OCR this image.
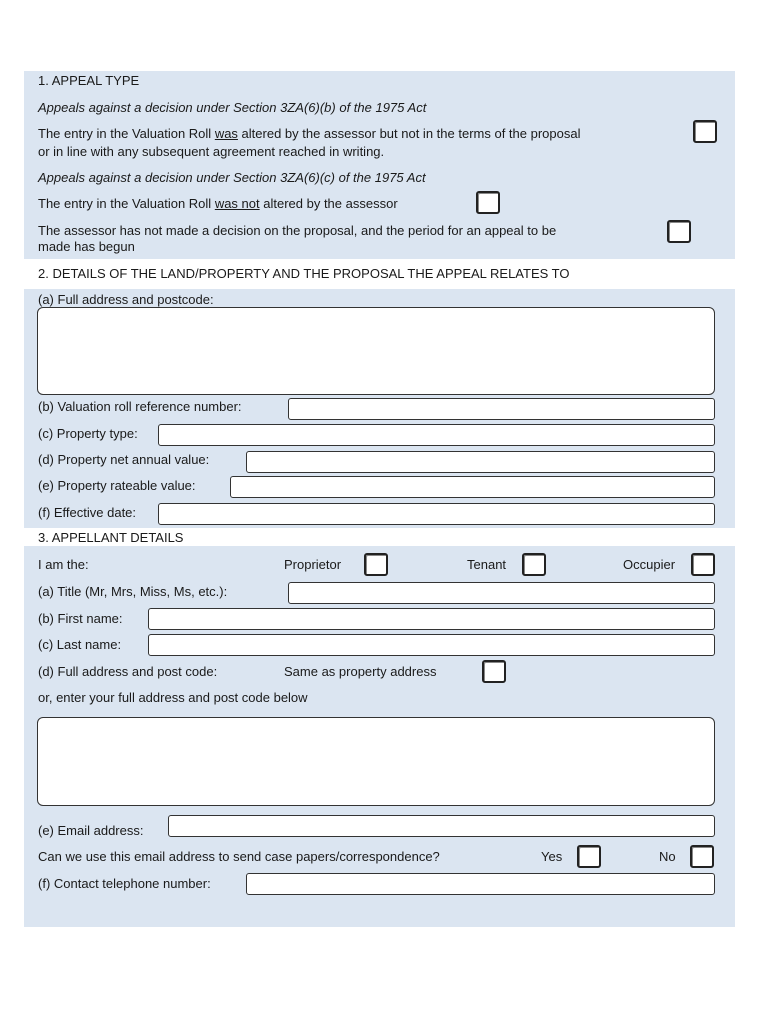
1. APPEAL TYPE
Appeals against a decision under Section 3ZA(6)(b) of the 1975 Act
The entry in the Valuation Roll was altered by the assessor but not in the terms of the proposal
or in line with any subsequent agreement reached in writing.
Appeals against a decision under Section 3ZA(6)(c) of the 1975 Act
The entry in the Valuation Roll was not altered by the assessor
The assessor has not made a decision on the proposal, and the period for an appeal to be
made has begun
2. DETAILS OF THE LAND/PROPERTY AND THE PROPOSAL THE APPEAL RELATES TO
(a) Full address and postcode:
(b) Valuation roll reference number:
(c) Property type:
(d) Property net annual value:
(e) Property rateable value:
(f) Effective date:
3. APPELLANT DETAILS
I am the:	Proprietor	Tenant	Occupier
(a) Title (Mr, Mrs, Miss, Ms, etc.):
(b) First name:
(c) Last name:
(d) Full address and post code:	Same as property address
or, enter your full address and post code below
(e) Email address:
Can we use this email address to send case papers/correspondence?	Yes	No
(f) Contact telephone number:
